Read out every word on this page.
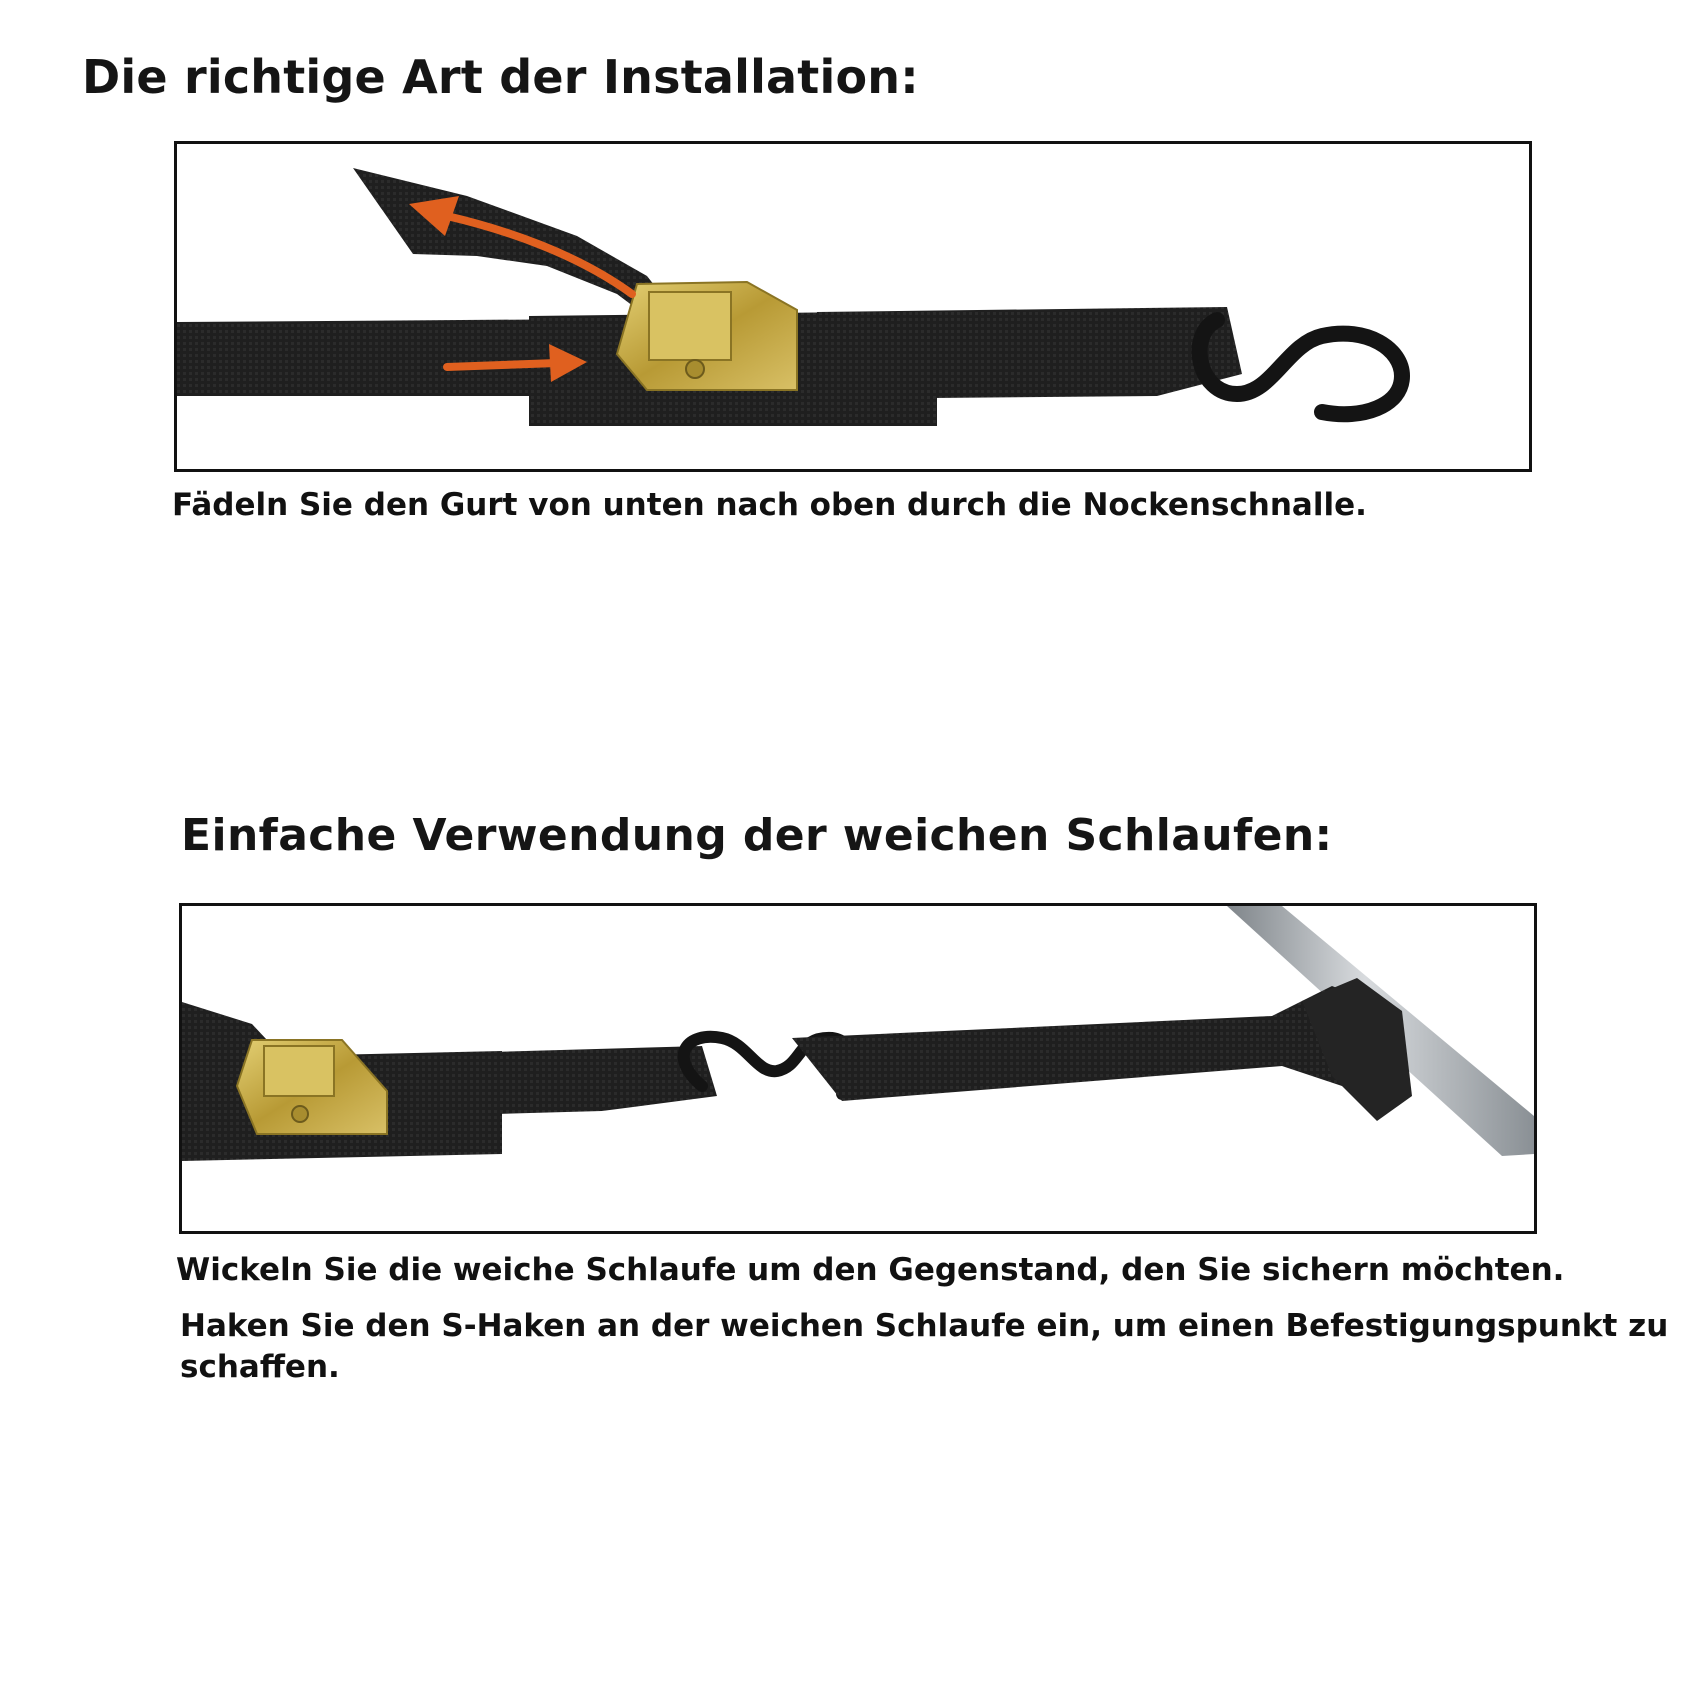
Die richtige Art der Installation:

Fädeln Sie den Gurt von unten nach oben durch die Nockenschnalle.

Einfache Verwendung der weichen Schlaufen:

Wickeln Sie die weiche Schlaufe um den Gegenstand, den Sie sichern möchten.

Haken Sie den S-Haken an der weichen Schlaufe ein, um einen Befestigungspunkt zu schaffen.
